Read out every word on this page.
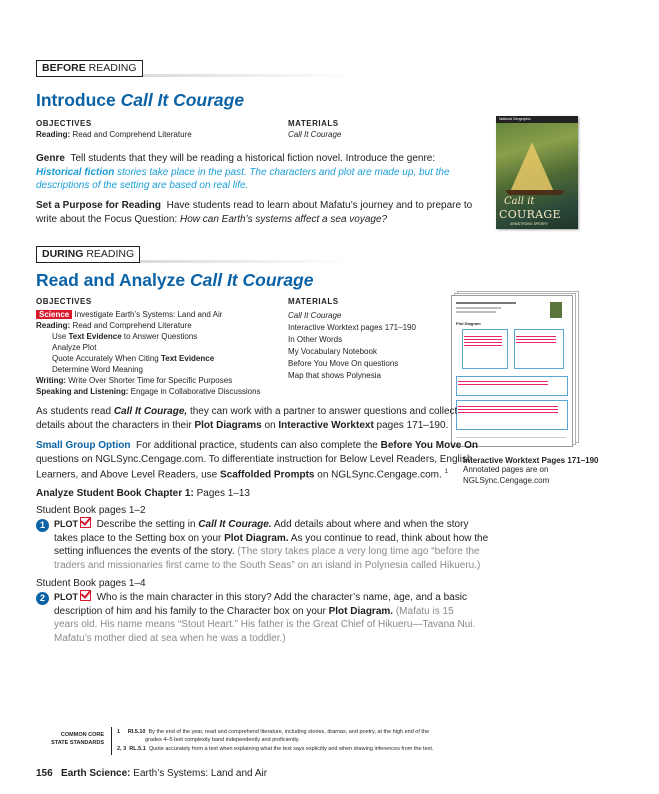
BEFORE READING
Introduce Call It Courage
OBJECTIVES
Reading: Read and Comprehend Literature
MATERIALS
Call It Courage
Genre Tell students that they will be reading a historical fiction novel. Introduce the genre:
Historical fiction stories take place in the past. The characters and plot are made up, but the
descriptions of the setting are based on real life.
Set a Purpose for Reading Have students read to learn about Mafatu’s journey and to prepare to
write about the Focus Question: How can Earth’s systems affect a sea voyage?
National Geographic
Call it
COURAGE
ARMSTRONG SPERRY
DURING READING
Read and Analyze Call It Courage
OBJECTIVES
Science Investigate Earth’s Systems: Land and Air
Reading: Read and Comprehend Literature
Use Text Evidence to Answer Questions
Analyze Plot
Quote Accurately When Citing Text Evidence
Determine Word Meaning
Writing: Write Over Shorter Time for Specific Purposes
Speaking and Listening: Engage in Collaborative Discussions
MATERIALS
Call It Courage
Interactive Worktext pages 171–190
In Other Words
My Vocabulary Notebook
Before You Move On questions
Map that shows Polynesia
Plot Diagram
Interactive Worktext Pages 171–190
Annotated pages are on
NGLSync.Cengage.com
As students read Call It Courage, they can work with a partner to answer questions and collect
details about the characters in their Plot Diagrams on Interactive Worktext pages 171–190.
Small Group Option For additional practice, students can also complete the Before You Move On
questions on NGLSync.Cengage.com. To differentiate instruction for Below Level Readers, English
Learners, and Above Level Readers, use Scaffolded Prompts on NGLSync.Cengage.com. $^1$
Analyze Student Book Chapter 1: Pages 1–13
Student Book pages 1–2
1	PLOT Describe the setting in Call It Courage. Add details about where and when the story
takes place to the Setting box on your Plot Diagram. As you continue to read, think about how the
setting influences the events of the story. (The story takes place a very long time ago “before the
traders and missionaries first came to the South Seas” on an island in Polynesia called Hikueru.)
Student Book pages 1–4
2	PLOT Who is the main character in this story? Add the character’s name, age, and a basic
description of him and his family to the Character box on your Plot Diagram. (Mafatu is 15
years old. His name means “Stout Heart.” His father is the Great Chief of Hikueru—Tavana Nui.
Mafatu’s mother died at sea when he was a toddler.)
COMMON CORE
STATE STANDARDS
1 RI.5.10 By the end of the year, read and comprehend literature, including stories, dramas, and poetry, at the high end of the
grades 4–5 text complexity band independently and proficiently.
2, 3 RL.5.1 Quote accurately from a text when explaining what the text says explicitly and when drawing inferences from the text.
156 Earth Science: Earth’s Systems: Land and Air
